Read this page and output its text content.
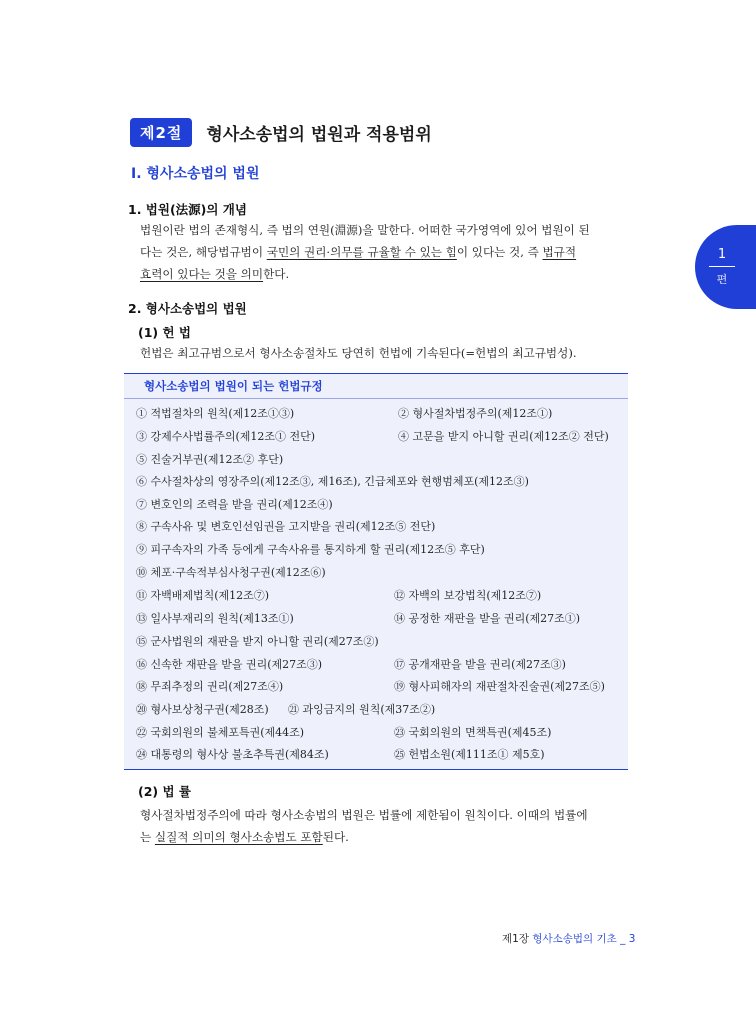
제2절	형사소송법의 법원과 적용범위
Ⅰ. 형사소송법의 법원
1. 법원(法源)의 개념
법원이란 법의 존재형식, 즉 법의 연원(淵源)을 말한다. 어떠한 국가영역에 있어 법원이 된
다는 것은, 해당법규범이 국민의 권리·의무를 규율할 수 있는 힘이 있다는 것, 즉 법규적
효력이 있다는 것을 의미한다.
2. 형사소송법의 법원
(1) 헌 법
헌법은 최고규범으로서 형사소송절차도 당연히 헌법에 기속된다(=헌법의 최고규범성).
형사소송법의 법원이 되는 헌법규정
① 적법절차의 원칙(제12조①③)	② 형사절차법정주의(제12조①)
③ 강제수사법률주의(제12조① 전단)	④ 고문을 받지 아니할 권리(제12조② 전단)
⑤ 진술거부권(제12조② 후단)
⑥ 수사절차상의 영장주의(제12조③, 제16조), 긴급체포와 현행범체포(제12조③)
⑦ 변호인의 조력을 받을 권리(제12조④)
⑧ 구속사유 및 변호인선임권을 고지받을 권리(제12조⑤ 전단)
⑨ 피구속자의 가족 등에게 구속사유를 통지하게 할 권리(제12조⑤ 후단)
⑩ 체포·구속적부심사청구권(제12조⑥)
⑪ 자백배제법칙(제12조⑦)	⑫ 자백의 보강법칙(제12조⑦)
⑬ 일사부재리의 원칙(제13조①)	⑭ 공정한 재판을 받을 권리(제27조①)
⑮ 군사법원의 재판을 받지 아니할 권리(제27조②)
⑯ 신속한 재판을 받을 권리(제27조③)	⑰ 공개재판을 받을 권리(제27조③)
⑱ 무죄추정의 권리(제27조④)	⑲ 형사피해자의 재판절차진술권(제27조⑤)
⑳ 형사보상청구권(제28조) ㉑ 과잉금지의 원칙(제37조②)
㉒ 국회의원의 불체포특권(제44조)	㉓ 국회의원의 면책특권(제45조)
㉔ 대통령의 형사상 불초추특권(제84조)	㉕ 헌법소원(제111조① 제5호)
(2) 법 률
형사절차법정주의에 따라 형사소송법의 법원은 법률에 제한됨이 원칙이다. 이때의 법률에
는 실질적 의미의 형사소송법도 포함된다.
1
편
제1장 형사소송법의 기초 _ 3
